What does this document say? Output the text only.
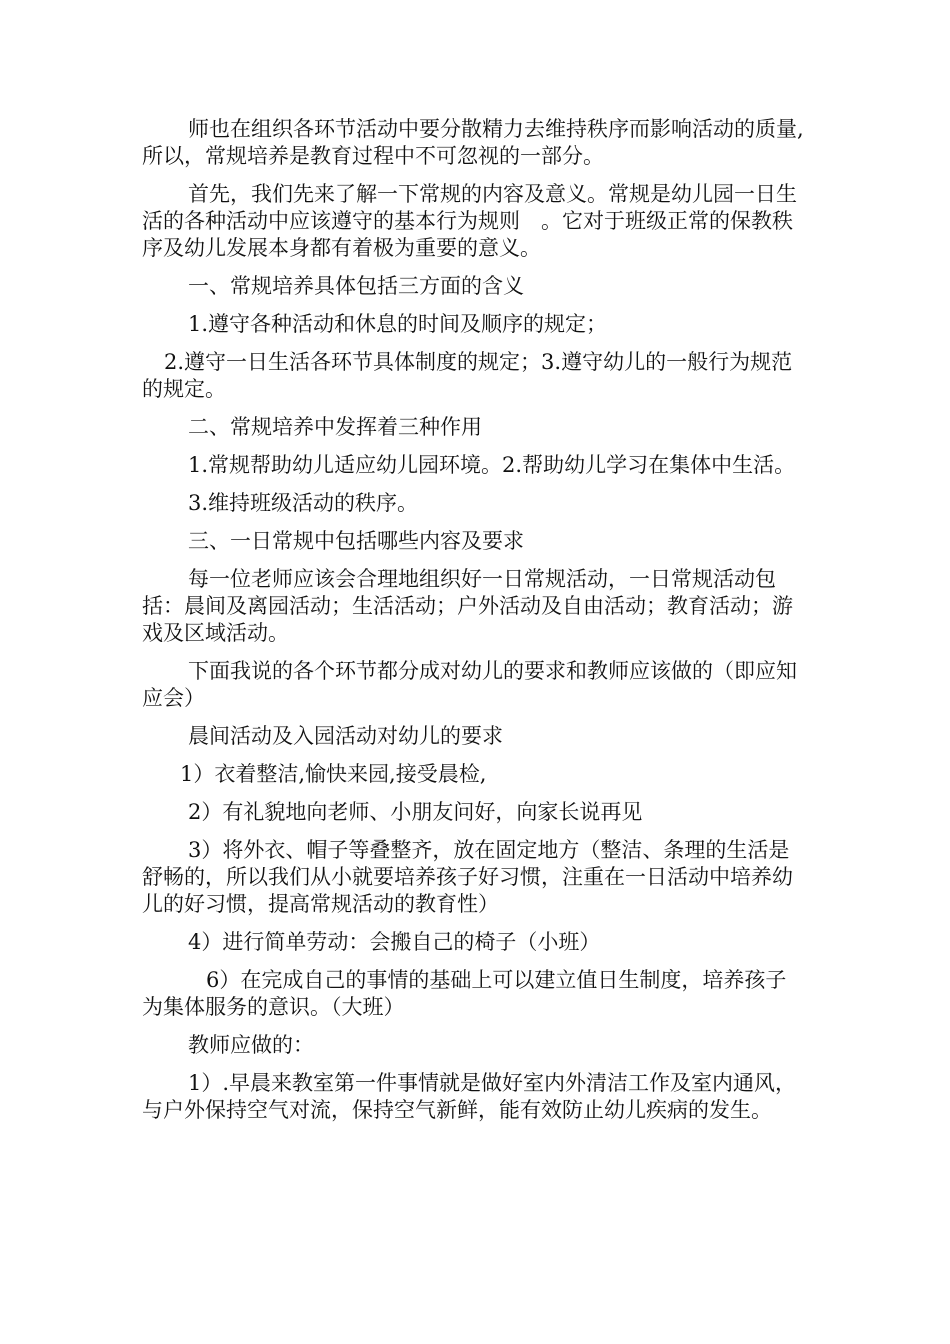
师也在组织各环节活动中要分散精力去维持秩序而影响活动的质量,所以，常规培养是教育过程中不可忽视的一部分。

首先，我们先来了解一下常规的内容及意义。常规是幼儿园一日生活的各种活动中应该遵守的基本行为规则　。它对于班级正常的保教秩序及幼儿发展本身都有着极为重要的意义。

一、常规培养具体包括三方面的含义

1.遵守各种活动和休息的时间及顺序的规定；

2.遵守一日生活各环节具体制度的规定；3.遵守幼儿的一般行为规范的规定。

二、常规培养中发挥着三种作用

1.常规帮助幼儿适应幼儿园环境。2.帮助幼儿学习在集体中生活。

3.维持班级活动的秩序。

三、一日常规中包括哪些内容及要求

每一位老师应该会合理地组织好一日常规活动，一日常规活动包括：晨间及离园活动；生活活动；户外活动及自由活动；教育活动；游戏及区域活动。

下面我说的各个环节都分成对幼儿的要求和教师应该做的（即应知应会）

晨间活动及入园活动对幼儿的要求

1）衣着整洁,愉快来园,接受晨检,

2）有礼貌地向老师、小朋友问好，向家长说再见

3）将外衣、帽子等叠整齐，放在固定地方（整洁、条理的生活是舒畅的，所以我们从小就要培养孩子好习惯，注重在一日活动中培养幼儿的好习惯，提高常规活动的教育性）

4）进行简单劳动：会搬自己的椅子（小班）

6）在完成自己的事情的基础上可以建立值日生制度，培养孩子为集体服务的意识。（大班）

教师应做的：

1）.早晨来教室第一件事情就是做好室内外清洁工作及室内通风，与户外保持空气对流，保持空气新鲜，能有效防止幼儿疾病的发生。
